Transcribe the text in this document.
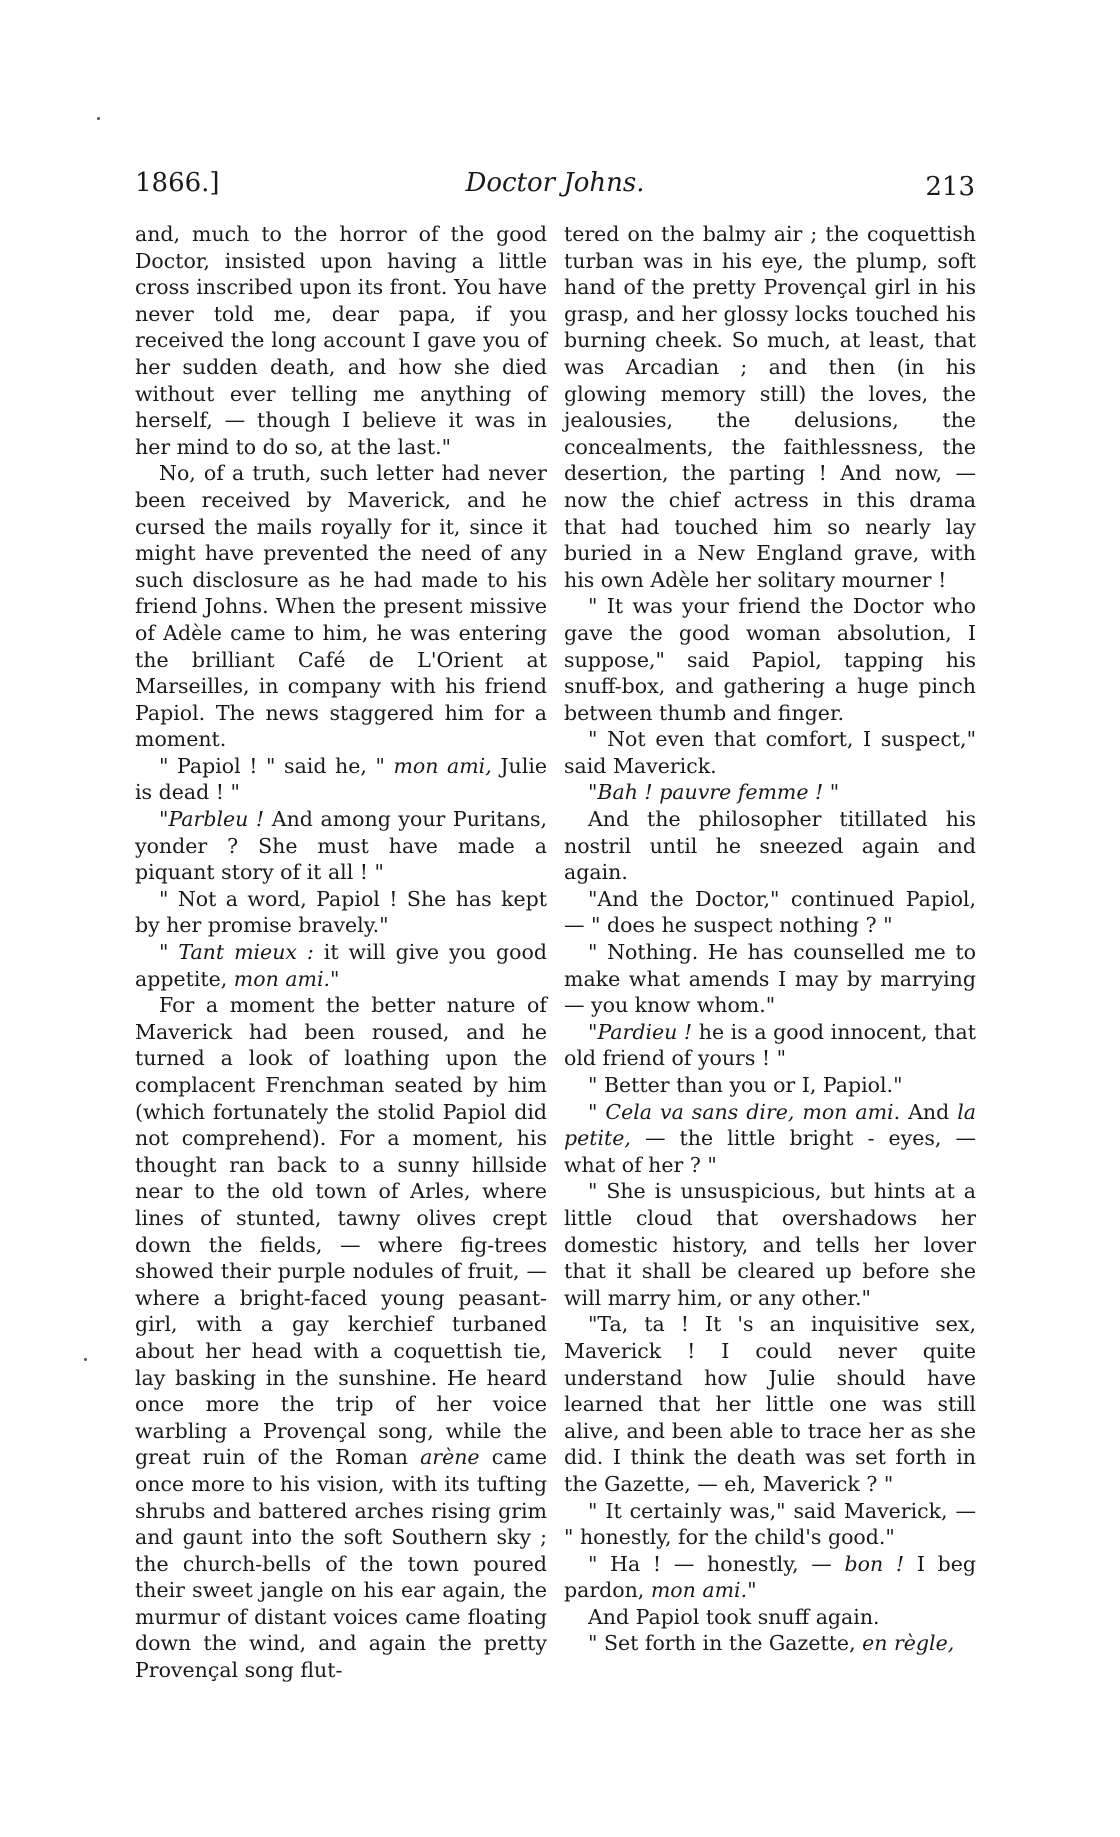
1866.]	Doctor Johns.	213

and, much to the horror of the good Doctor, insisted upon having a little cross inscribed upon its front. You have never told me, dear papa, if you received the long account I gave you of her sudden death, and how she died without ever telling me anything of herself, — though I believe it was in her mind to do so, at the last."

No, of a truth, such letter had never been received by Maverick, and he cursed the mails royally for it, since it might have prevented the need of any such disclosure as he had made to his friend Johns. When the present missive of Adèle came to him, he was entering the brilliant Café de L'Orient at Marseilles, in company with his friend Papiol. The news staggered him for a moment.

" Papiol ! " said he, " mon ami, Julie is dead ! "

"Parbleu ! And among your Puritans, yonder ? She must have made a piquant story of it all ! "

" Not a word, Papiol ! She has kept by her promise bravely."

" Tant mieux : it will give you good appetite, mon ami."

For a moment the better nature of Maverick had been roused, and he turned a look of loathing upon the complacent Frenchman seated by him (which fortunately the stolid Papiol did not comprehend). For a moment, his thought ran back to a sunny hillside near to the old town of Arles, where lines of stunted, tawny olives crept down the fields, — where fig-trees showed their purple nodules of fruit, — where a bright-faced young peasant-girl, with a gay kerchief turbaned about her head with a coquettish tie, lay basking in the sunshine. He heard once more the trip of her voice warbling a Provençal song, while the great ruin of the Roman arène came once more to his vision, with its tufting shrubs and battered arches rising grim and gaunt into the soft Southern sky ; the church-bells of the town poured their sweet jangle on his ear again, the murmur of distant voices came floating down the wind, and again the pretty Provençal song flut-

tered on the balmy air ; the coquettish turban was in his eye, the plump, soft hand of the pretty Provençal girl in his grasp, and her glossy locks touched his burning cheek. So much, at least, that was Arcadian ; and then (in his glowing memory still) the loves, the jealousies, the delusions, the concealments, the faithlessness, the desertion, the parting ! And now, — now the chief actress in this drama that had touched him so nearly lay buried in a New England grave, with his own Adèle her solitary mourner !

" It was your friend the Doctor who gave the good woman absolution, I suppose," said Papiol, tapping his snuff-box, and gathering a huge pinch between thumb and finger.

" Not even that comfort, I suspect," said Maverick.

"Bah ! pauvre femme ! "

And the philosopher titillated his nostril until he sneezed again and again.

"And the Doctor," continued Papiol, — " does he suspect nothing ? "

" Nothing. He has counselled me to make what amends I may by marrying — you know whom."

"Pardieu ! he is a good innocent, that old friend of yours ! "

" Better than you or I, Papiol."

" Cela va sans dire, mon ami. And la petite, — the little bright - eyes, — what of her ? "

" She is unsuspicious, but hints at a little cloud that overshadows her domestic history, and tells her lover that it shall be cleared up before she will marry him, or any other."

"Ta, ta ! It 's an inquisitive sex, Maverick ! I could never quite understand how Julie should have learned that her little one was still alive, and been able to trace her as she did. I think the death was set forth in the Gazette, — eh, Maverick ? "

" It certainly was," said Maverick, — " honestly, for the child's good."

" Ha ! — honestly, — bon ! I beg pardon, mon ami."

And Papiol took snuff again.

" Set forth in the Gazette, en règle,
